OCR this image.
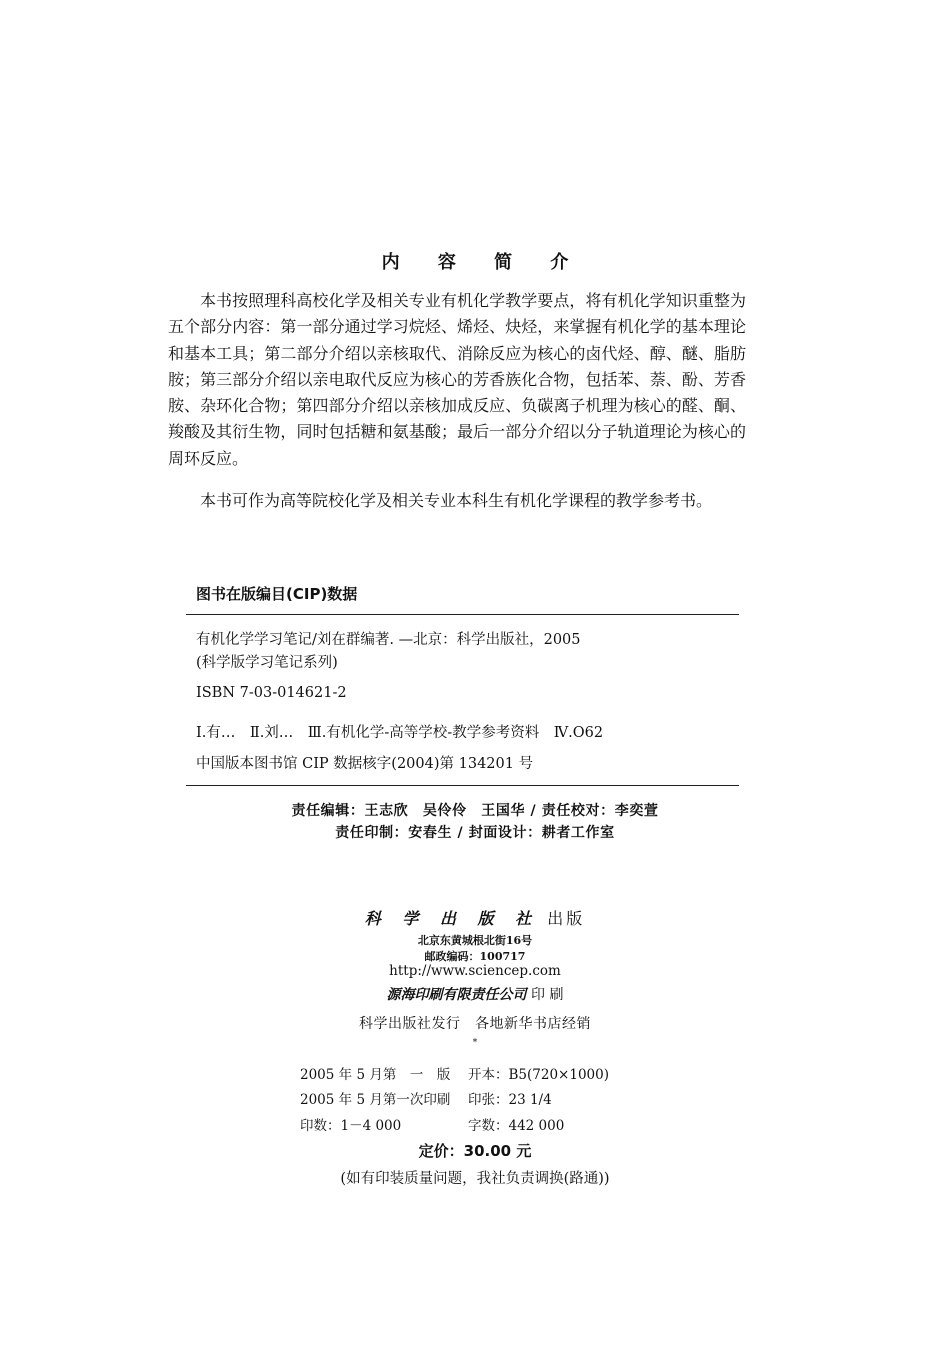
内 容 简 介

本书按照理科高校化学及相关专业有机化学教学要点，将有机化学知识重整为五个部分内容：第一部分通过学习烷烃、烯烃、炔烃，来掌握有机化学的基本理论和基本工具；第二部分介绍以亲核取代、消除反应为核心的卤代烃、醇、醚、脂肪胺；第三部分介绍以亲电取代反应为核心的芳香族化合物，包括苯、萘、酚、芳香胺、杂环化合物；第四部分介绍以亲核加成反应、负碳离子机理为核心的醛、酮、羧酸及其衍生物，同时包括糖和氨基酸；最后一部分介绍以分子轨道理论为核心的周环反应。

本书可作为高等院校化学及相关专业本科生有机化学课程的教学参考书。

图书在版编目(CIP)数据
有机化学学习笔记/刘在群编著. —北京：科学出版社，2005
(科学版学习笔记系列)
ISBN 7-03-014621-2
Ⅰ.有…　Ⅱ.刘…　Ⅲ.有机化学-高等学校-教学参考资料　Ⅳ.O62
中国版本图书馆 CIP 数据核字(2004)第 134201 号
责任编辑：王志欣　吴伶伶　王国华 / 责任校对：李奕萱
责任印制：安春生 / 封面设计：耕者工作室
科 学 出 版 社 出版
北京东黄城根北街16号
邮政编码：100717
http://www.sciencep.com
源海印刷有限责任公司 印 刷
科学出版社发行　各地新华书店经销
*
2005 年 5 月第　一　版 开本：B5(720×1000)
2005 年 5 月第一次印刷 印张：23 1/4
印数：1－4 000	字数：442 000
定价：30.00 元
(如有印装质量问题，我社负责调换(路通))
